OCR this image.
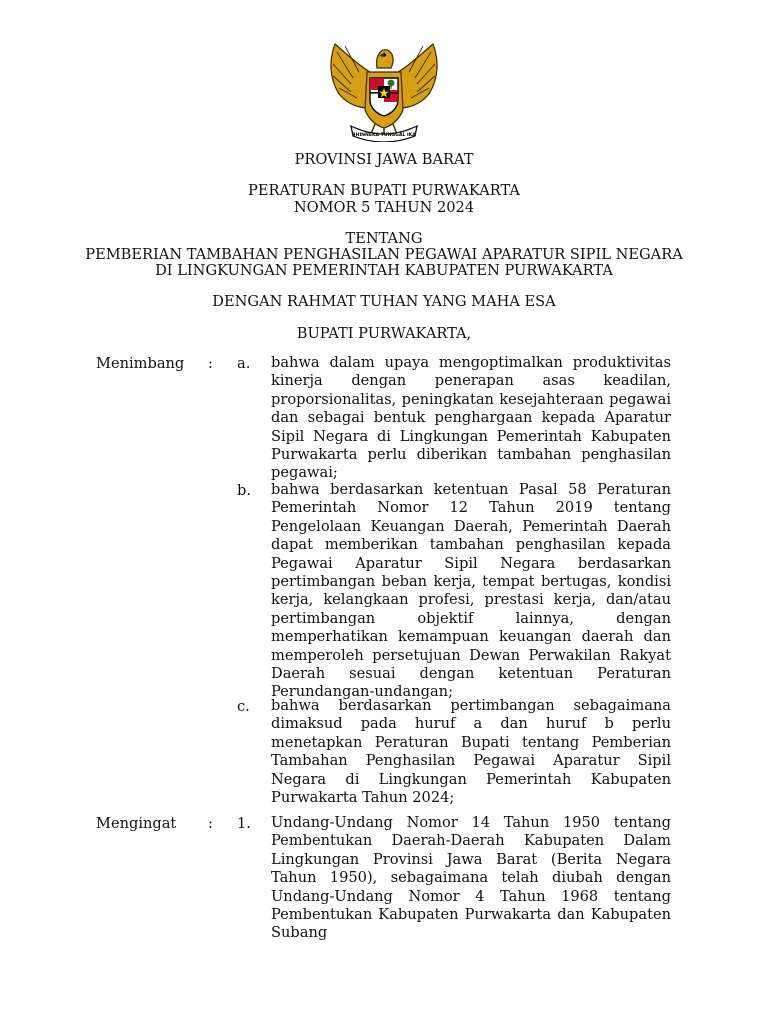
BHINNEKA TUNGGAL IKA
PROVINSI JAWA BARAT
PERATURAN BUPATI PURWAKARTA
NOMOR 5 TAHUN 2024
TENTANG
PEMBERIAN TAMBAHAN PENGHASILAN PEGAWAI APARATUR SIPIL NEGARA
DI LINGKUNGAN PEMERINTAH KABUPATEN PURWAKARTA
DENGAN RAHMAT TUHAN YANG MAHA ESA
BUPATI PURWAKARTA,
Menimbang : a. bahwa dalam upaya mengoptimalkan produktivitas kinerja dengan penerapan asas keadilan, proporsionalitas, peningkatan kesejahteraan pegawai dan sebagai bentuk penghargaan kepada Aparatur Sipil Negara di Lingkungan Pemerintah Kabupaten Purwakarta perlu diberikan tambahan penghasilan pegawai;
b. bahwa berdasarkan ketentuan Pasal 58 Peraturan Pemerintah Nomor 12 Tahun 2019 tentang Pengelolaan Keuangan Daerah, Pemerintah Daerah dapat memberikan tambahan penghasilan kepada Pegawai Aparatur Sipil Negara berdasarkan pertimbangan beban kerja, tempat bertugas, kondisi kerja, kelangkaan profesi, prestasi kerja, dan/atau pertimbangan objektif lainnya, dengan memperhatikan kemampuan keuangan daerah dan memperoleh persetujuan Dewan Perwakilan Rakyat Daerah sesuai dengan ketentuan Peraturan Perundangan-undangan;
c. bahwa berdasarkan pertimbangan sebagaimana dimaksud pada huruf a dan huruf b perlu menetapkan Peraturan Bupati tentang Pemberian Tambahan Penghasilan Pegawai Aparatur Sipil Negara di Lingkungan Pemerintah Kabupaten Purwakarta Tahun 2024;
Mengingat : 1. Undang-Undang Nomor 14 Tahun 1950 tentang Pembentukan Daerah-Daerah Kabupaten Dalam Lingkungan Provinsi Jawa Barat (Berita Negara Tahun 1950), sebagaimana telah diubah dengan Undang-Undang Nomor 4 Tahun 1968 tentang Pembentukan Kabupaten Purwakarta dan Kabupaten Subang
